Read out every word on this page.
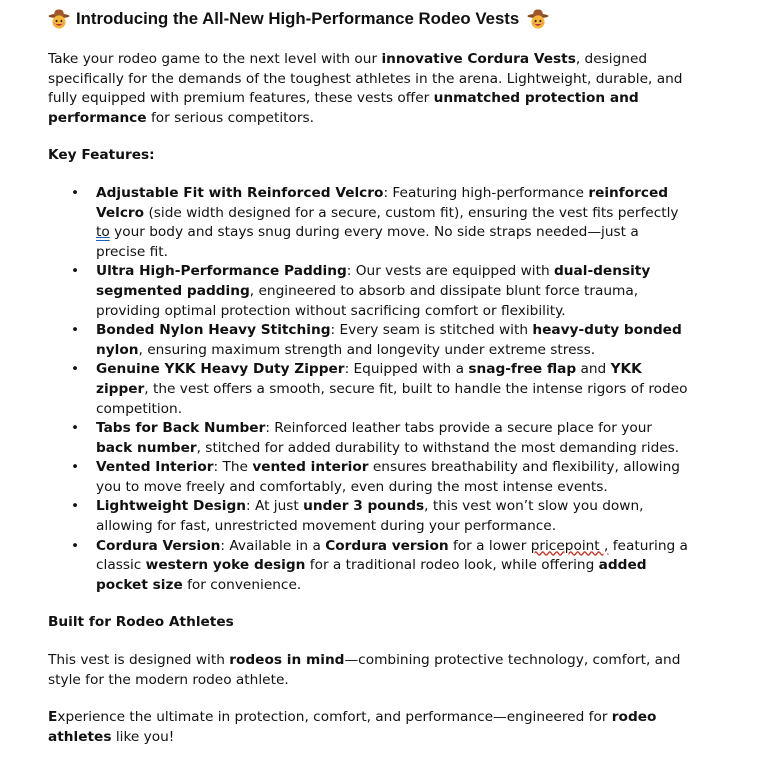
Introducing the All-New High-Performance Rodeo Vests

Take your rodeo game to the next level with our innovative Cordura Vests, designed specifically for the demands of the toughest athletes in the arena. Lightweight, durable, and fully equipped with premium features, these vests offer unmatched protection and performance for serious competitors.

Key Features:

• Adjustable Fit with Reinforced Velcro: Featuring high-performance reinforced Velcro (side width designed for a secure, custom fit), ensuring the vest fits perfectly to your body and stays snug during every move. No side straps needed—just a precise fit.
• Ultra High-Performance Padding: Our vests are equipped with dual-density segmented padding, engineered to absorb and dissipate blunt force trauma, providing optimal protection without sacrificing comfort or flexibility.
• Bonded Nylon Heavy Stitching: Every seam is stitched with heavy-duty bonded nylon, ensuring maximum strength and longevity under extreme stress.
• Genuine YKK Heavy Duty Zipper: Equipped with a snag-free flap and YKK zipper, the vest offers a smooth, secure fit, built to handle the intense rigors of rodeo competition.
• Tabs for Back Number: Reinforced leather tabs provide a secure place for your back number, stitched for added durability to withstand the most demanding rides.
• Vented Interior: The vented interior ensures breathability and flexibility, allowing you to move freely and comfortably, even during the most intense events.
• Lightweight Design: At just under 3 pounds, this vest won’t slow you down, allowing for fast, unrestricted movement during your performance.
• Cordura Version: Available in a Cordura version for a lower pricepoint , featuring a classic western yoke design for a traditional rodeo look, while offering added pocket size for convenience.

Built for Rodeo Athletes

This vest is designed with rodeos in mind—combining protective technology, comfort, and style for the modern rodeo athlete.

Experience the ultimate in protection, comfort, and performance—engineered for rodeo athletes like you!
